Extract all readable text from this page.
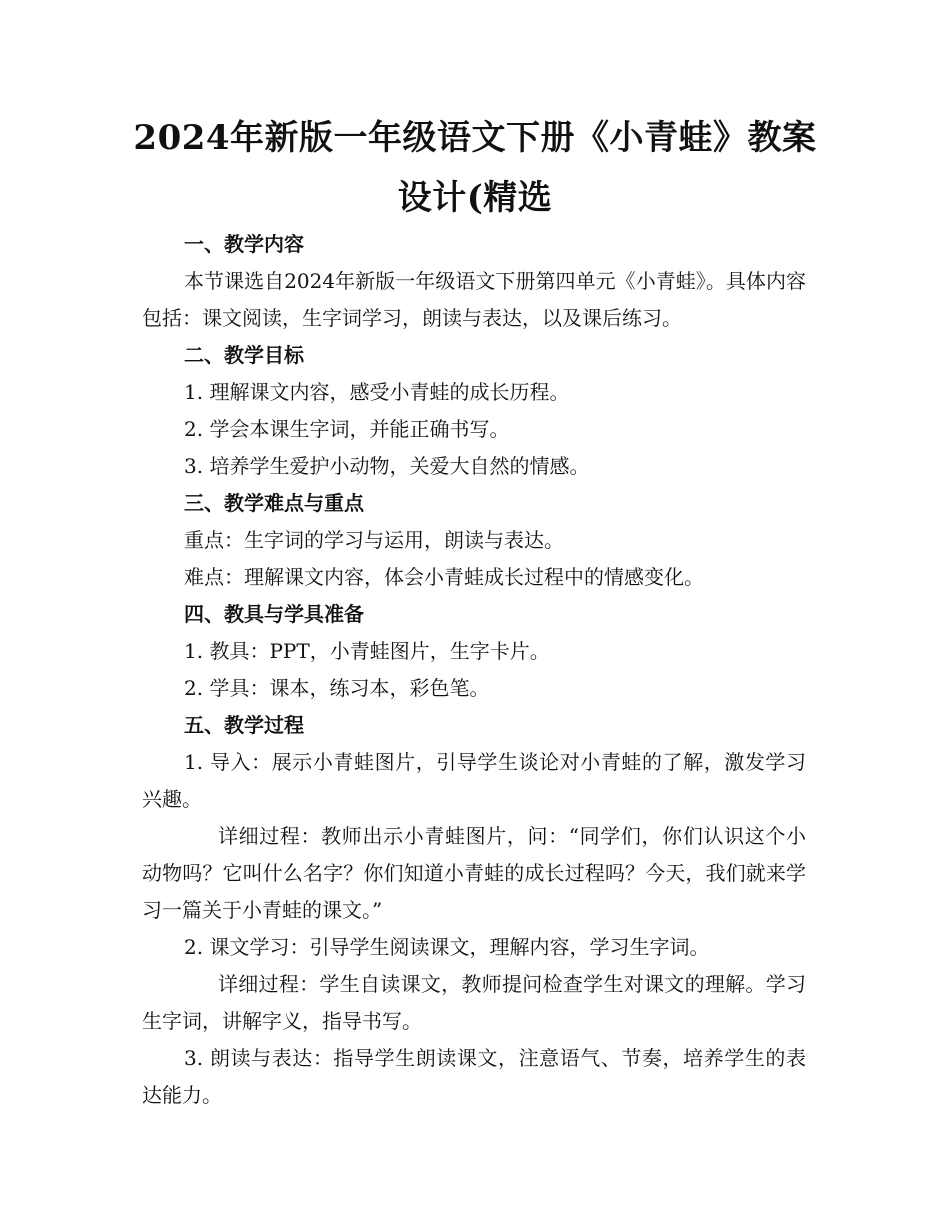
2024年新版一年级语文下册《小青蛙》教案
设计(精选

一、教学内容

本节课选自2024年新版一年级语文下册第四单元《小青蛙》。具体内容包括：课文阅读，生字词学习，朗读与表达，以及课后练习。

二、教学目标

1. 理解课文内容，感受小青蛙的成长历程。

2. 学会本课生字词，并能正确书写。

3. 培养学生爱护小动物，关爱大自然的情感。

三、教学难点与重点

重点：生字词的学习与运用，朗读与表达。

难点：理解课文内容，体会小青蛙成长过程中的情感变化。

四、教具与学具准备

1. 教具：PPT，小青蛙图片，生字卡片。

2. 学具：课本，练习本，彩色笔。

五、教学过程

1. 导入：展示小青蛙图片，引导学生谈论对小青蛙的了解，激发学习兴趣。

详细过程：教师出示小青蛙图片，问：“同学们，你们认识这个小动物吗？它叫什么名字？你们知道小青蛙的成长过程吗？今天，我们就来学习一篇关于小青蛙的课文。”

2. 课文学习：引导学生阅读课文，理解内容，学习生字词。

详细过程：学生自读课文，教师提问检查学生对课文的理解。学习生字词，讲解字义，指导书写。

3. 朗读与表达：指导学生朗读课文，注意语气、节奏，培养学生的表达能力。
